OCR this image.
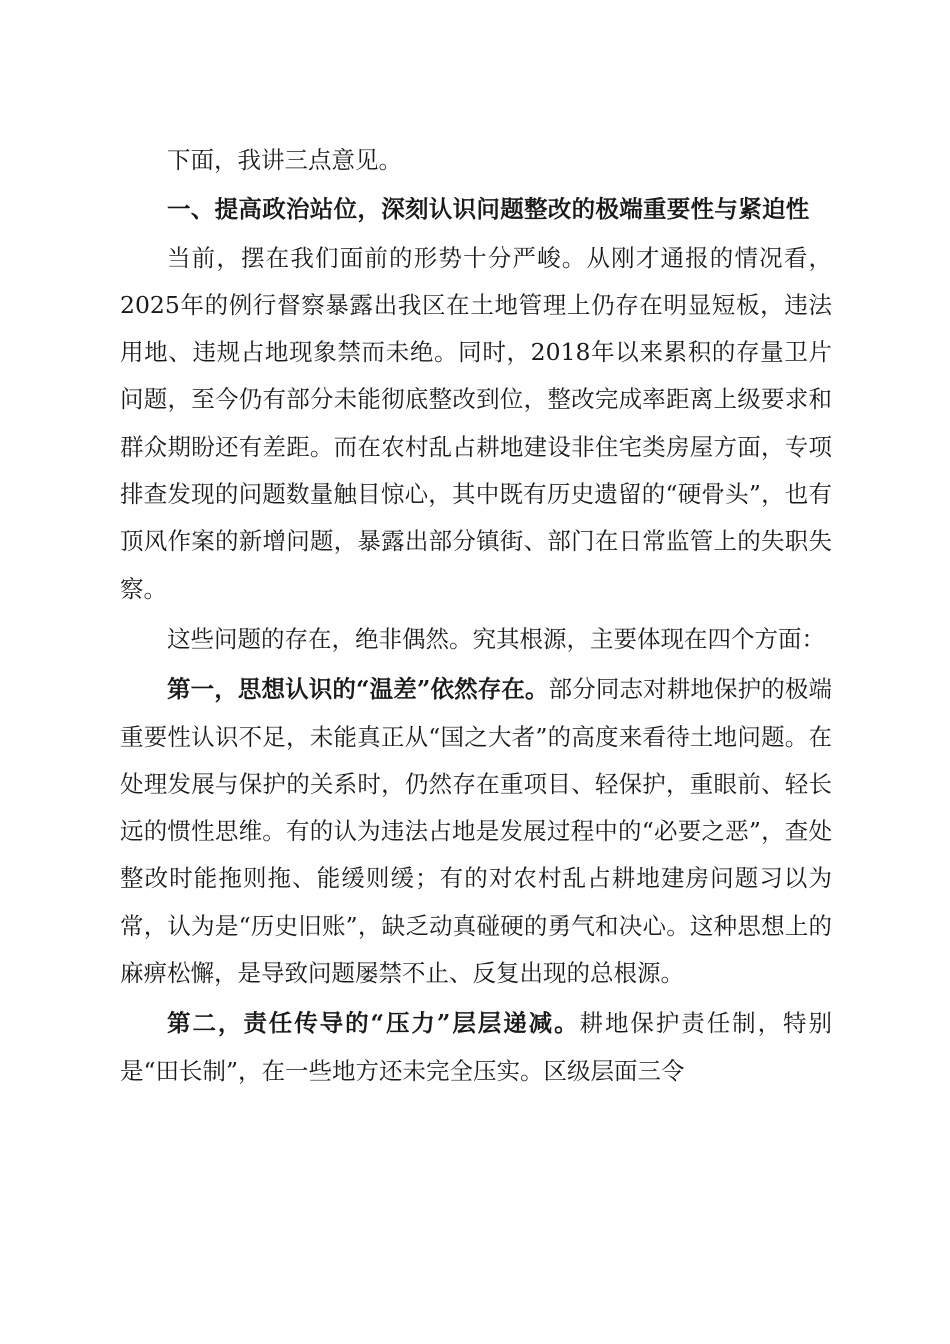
下面，我讲三点意见。

一、提高政治站位，深刻认识问题整改的极端重要性与紧迫性

当前，摆在我们面前的形势十分严峻。从刚才通报的情况看，2025年的例行督察暴露出我区在土地管理上仍存在明显短板，违法用地、违规占地现象禁而未绝。同时，2018年以来累积的存量卫片问题，至今仍有部分未能彻底整改到位，整改完成率距离上级要求和群众期盼还有差距。而在农村乱占耕地建设非住宅类房屋方面，专项排查发现的问题数量触目惊心，其中既有历史遗留的“硬骨头”，也有顶风作案的新增问题，暴露出部分镇街、部门在日常监管上的失职失察。

这些问题的存在，绝非偶然。究其根源，主要体现在四个方面：

第一，思想认识的“温差”依然存在。部分同志对耕地保护的极端重要性认识不足，未能真正从“国之大者”的高度来看待土地问题。在处理发展与保护的关系时，仍然存在重项目、轻保护，重眼前、轻长远的惯性思维。有的认为违法占地是发展过程中的“必要之恶”，查处整改时能拖则拖、能缓则缓；有的对农村乱占耕地建房问题习以为常，认为是“历史旧账”，缺乏动真碰硬的勇气和决心。这种思想上的麻痹松懈，是导致问题屡禁不止、反复出现的总根源。

第二，责任传导的“压力”层层递减。耕地保护责任制，特别是“田长制”，在一些地方还未完全压实。区级层面三令
